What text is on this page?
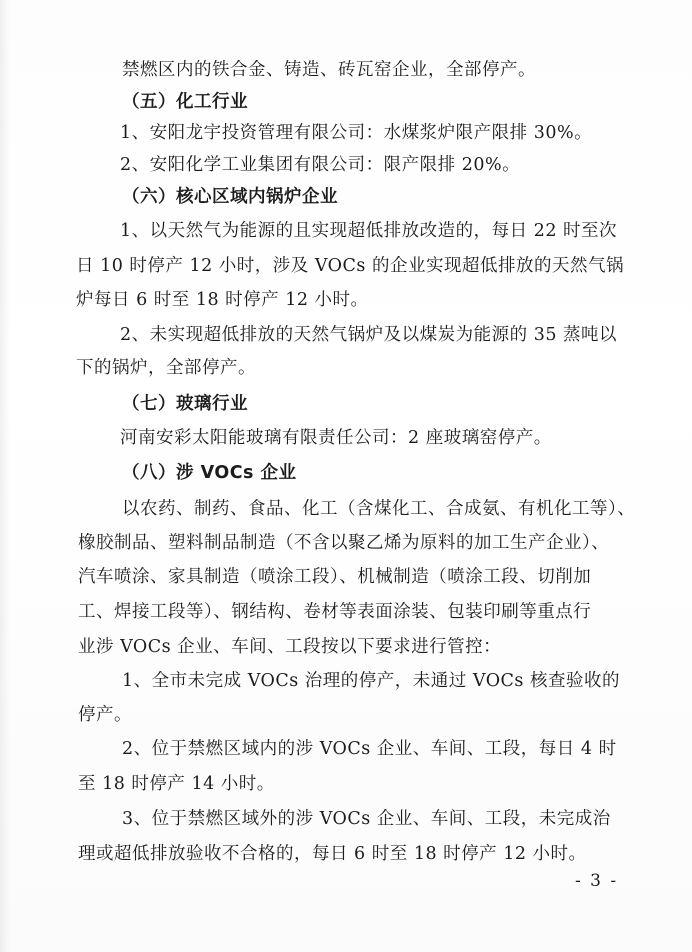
禁燃区内的铁合金、铸造、砖瓦窑企业，全部停产。
（五）化工行业
1、安阳龙宇投资管理有限公司：水煤浆炉限产限排 30%。
2、安阳化学工业集团有限公司：限产限排 20%。
（六）核心区域内锅炉企业
1、以天然气为能源的且实现超低排放改造的，每日 22 时至次
日 10 时停产 12 小时，涉及 VOCs 的企业实现超低排放的天然气锅
炉每日 6 时至 18 时停产 12 小时。
2、未实现超低排放的天然气锅炉及以煤炭为能源的 35 蒸吨以
下的锅炉，全部停产。
（七）玻璃行业
河南安彩太阳能玻璃有限责任公司：2 座玻璃窑停产。
（八）涉 VOCs 企业
以农药、制药、食品、化工（含煤化工、合成氨、有机化工等）、
橡胶制品、塑料制品制造（不含以聚乙烯为原料的加工生产企业）、
汽车喷涂、家具制造（喷涂工段）、机械制造（喷涂工段、切削加
工、焊接工段等）、钢结构、卷材等表面涂装、包装印刷等重点行
业涉 VOCs 企业、车间、工段按以下要求进行管控：
1、全市未完成 VOCs 治理的停产，未通过 VOCs 核查验收的
停产。
2、位于禁燃区域内的涉 VOCs 企业、车间、工段，每日 4 时
至 18 时停产 14 小时。
3、位于禁燃区域外的涉 VOCs 企业、车间、工段，未完成治
理或超低排放验收不合格的，每日 6 时至 18 时停产 12 小时。
- 3 -
